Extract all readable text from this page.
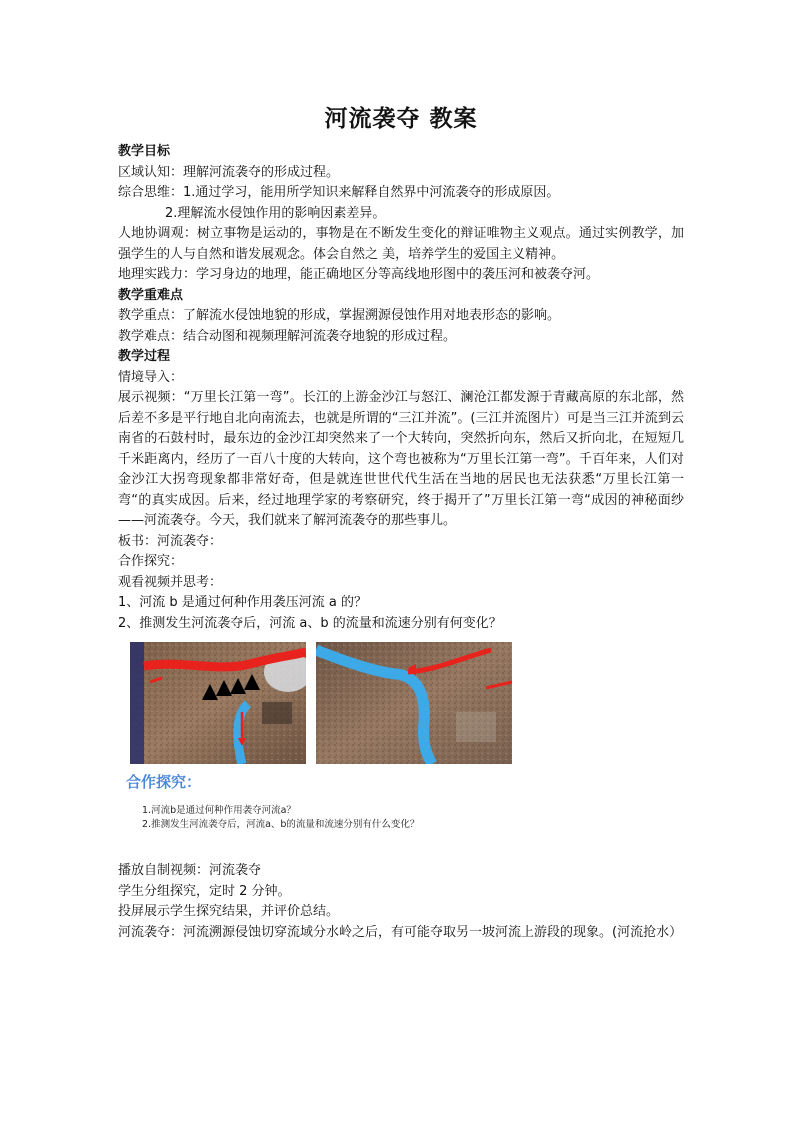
河流袭夺 教案

教学目标

区域认知：理解河流袭夺的形成过程。

综合思维：1.通过学习，能用所学知识来解释自然界中河流袭夺的形成原因。

2.理解流水侵蚀作用的影响因素差异。

人地协调观：树立事物是运动的，事物是在不断发生变化的辩证唯物主义观点。通过实例教学，加强学生的人与自然和谐发展观念。体会自然之 美，培养学生的爱国主义精神。

地理实践力：学习身边的地理，能正确地区分等高线地形图中的袭压河和被袭夺河。

教学重难点

教学重点：了解流水侵蚀地貌的形成，掌握溯源侵蚀作用对地表形态的影响。

教学难点：结合动图和视频理解河流袭夺地貌的形成过程。

教学过程

情境导入：

展示视频：“万里长江第一弯”。长江的上游金沙江与怒江、澜沧江都发源于青藏高原的东北部，然后差不多是平行地自北向南流去，也就是所谓的“三江并流”。(三江并流图片）可是当三江并流到云南省的石鼓村时，最东边的金沙江却突然来了一个大转向，突然折向东，然后又折向北，在短短几千米距离内，经历了一百八十度的大转向，这个弯也被称为“万里长江第一弯”。千百年来，人们对金沙江大拐弯现象都非常好奇，但是就连世世代代生活在当地的居民也无法获悉“万里长江第一弯“的真实成因。后来，经过地理学家的考察研究，终于揭开了”万里长江第一弯“成因的神秘面纱——河流袭夺。今天，我们就来了解河流袭夺的那些事儿。

板书：河流袭夺：

合作探究：

观看视频并思考：

1、河流 b 是通过何种作用袭压河流 a 的？

2、推测发生河流袭夺后，河流 a、b 的流量和流速分别有何变化？

合作探究：
1.河流b是通过何种作用袭夺河流a？
2.推测发生河流袭夺后，河流a、b的流量和流速分别有什么变化？

播放自制视频：河流袭夺

学生分组探究，定时 2 分钟。

投屏展示学生探究结果，并评价总结。

河流袭夺：河流溯源侵蚀切穿流域分水岭之后，有可能夺取另一坡河流上游段的现象。(河流抢水）
